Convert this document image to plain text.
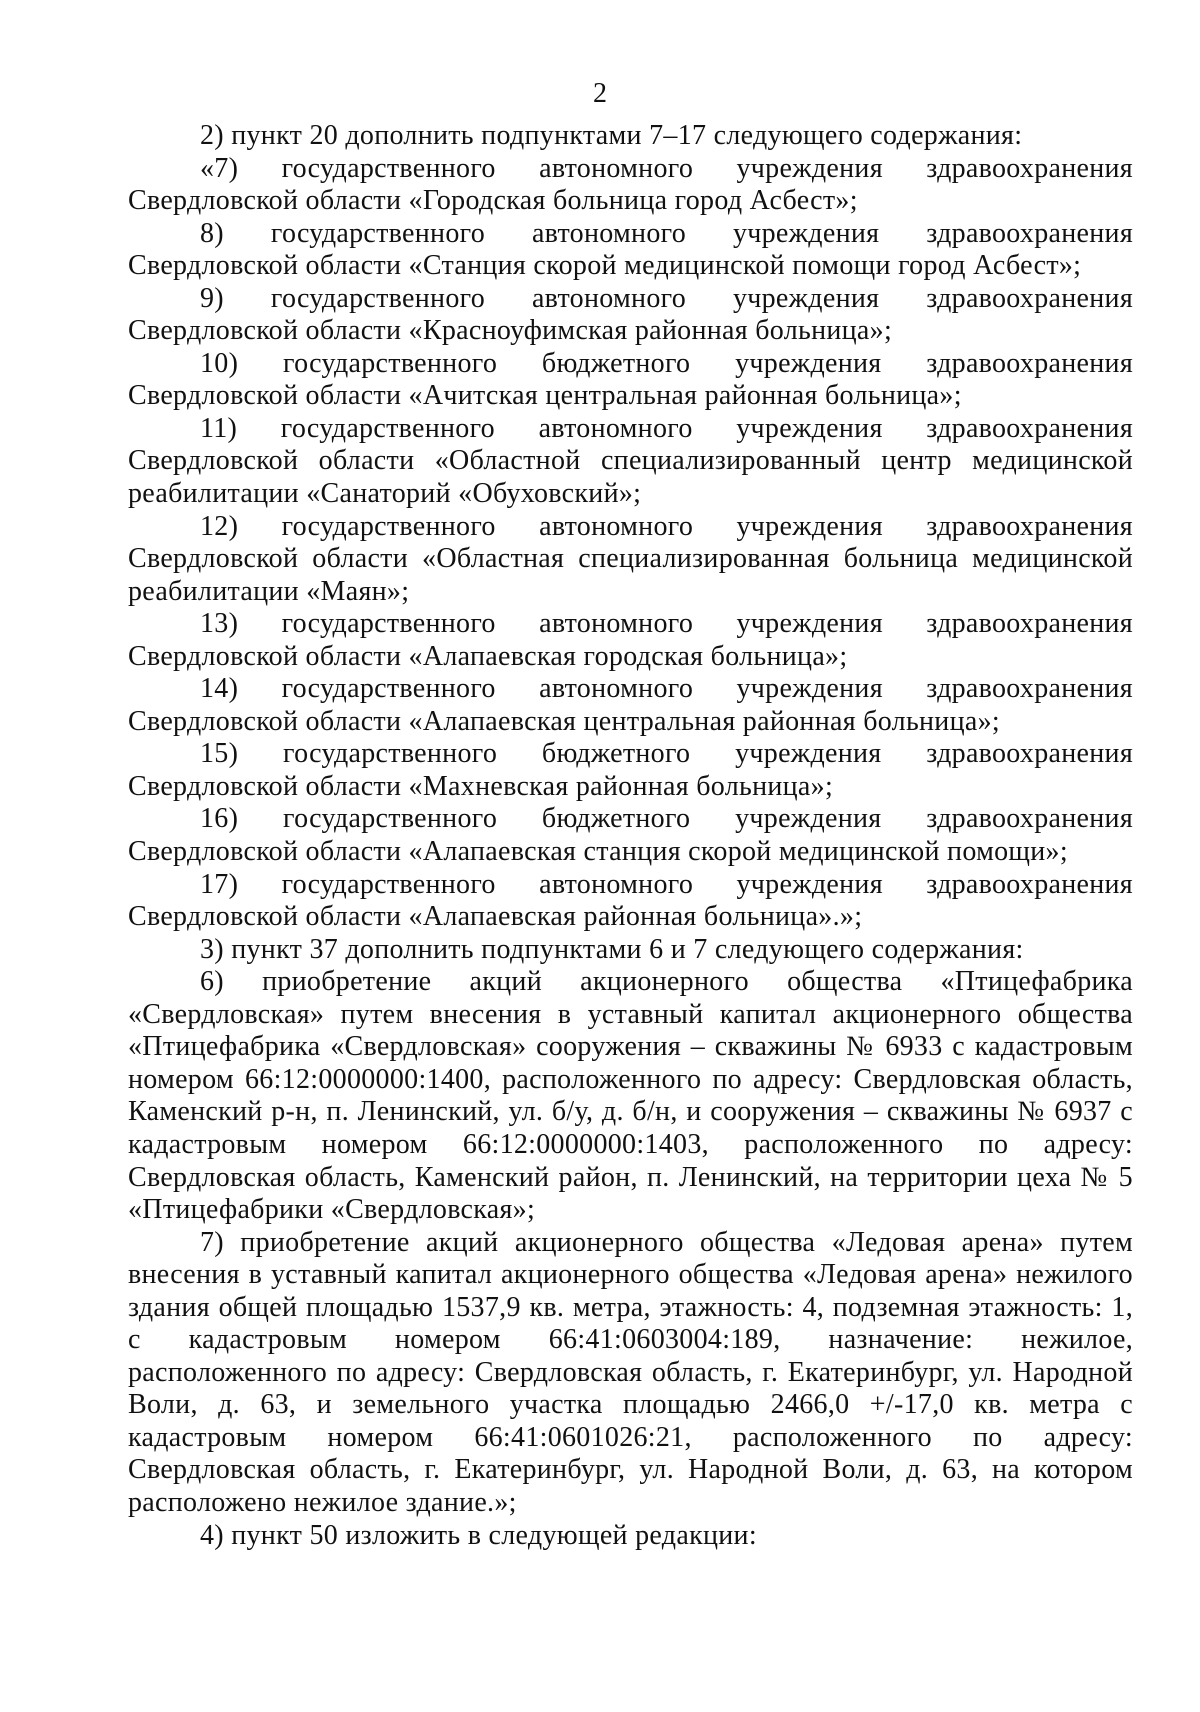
2

2) пункт 20 дополнить подпунктами 7–17 следующего содержания:

«7) государственного автономного учреждения здравоохранения Свердловской области «Городская больница город Асбест»;

8) государственного автономного учреждения здравоохранения Свердловской области «Станция скорой медицинской помощи город Асбест»;

9) государственного автономного учреждения здравоохранения Свердловской области «Красноуфимская районная больница»;

10) государственного бюджетного учреждения здравоохранения Свердловской области «Ачитская центральная районная больница»;

11) государственного автономного учреждения здравоохранения Свердловской области «Областной специализированный центр медицинской реабилитации «Санаторий «Обуховский»;

12) государственного автономного учреждения здравоохранения Свердловской области «Областная специализированная больница медицинской реабилитации «Маян»;

13) государственного автономного учреждения здравоохранения Свердловской области «Алапаевская городская больница»;

14) государственного автономного учреждения здравоохранения Свердловской области «Алапаевская центральная районная больница»;

15) государственного бюджетного учреждения здравоохранения Свердловской области «Махневская районная больница»;

16) государственного бюджетного учреждения здравоохранения Свердловской области «Алапаевская станция скорой медицинской помощи»;

17) государственного автономного учреждения здравоохранения Свердловской области «Алапаевская районная больница».»;

3) пункт 37 дополнить подпунктами 6 и 7 следующего содержания:

6) приобретение акций акционерного общества «Птицефабрика «Свердловская» путем внесения в уставный капитал акционерного общества «Птицефабрика «Свердловская» сооружения – скважины № 6933 с кадастровым номером 66:12:0000000:1400, расположенного по адресу: Свердловская область, Каменский р-н, п. Ленинский, ул. б/у, д. б/н, и сооружения – скважины № 6937 с кадастровым номером 66:12:0000000:1403, расположенного по адресу: Свердловская область, Каменский район, п. Ленинский, на территории цеха № 5 «Птицефабрики «Свердловская»;

7) приобретение акций акционерного общества «Ледовая арена» путем внесения в уставный капитал акционерного общества «Ледовая арена» нежилого здания общей площадью 1537,9 кв. метра, этажность: 4, подземная этажность: 1, с кадастровым номером 66:41:0603004:189, назначение: нежилое, расположенного по адресу: Свердловская область, г. Екатеринбург, ул. Народной Воли, д. 63, и земельного участка площадью 2466,0 +/-17,0 кв. метра с кадастровым номером 66:41:0601026:21, расположенного по адресу: Свердловская область, г. Екатеринбург, ул. Народной Воли, д. 63, на котором расположено нежилое здание.»;

4) пункт 50 изложить в следующей редакции:
